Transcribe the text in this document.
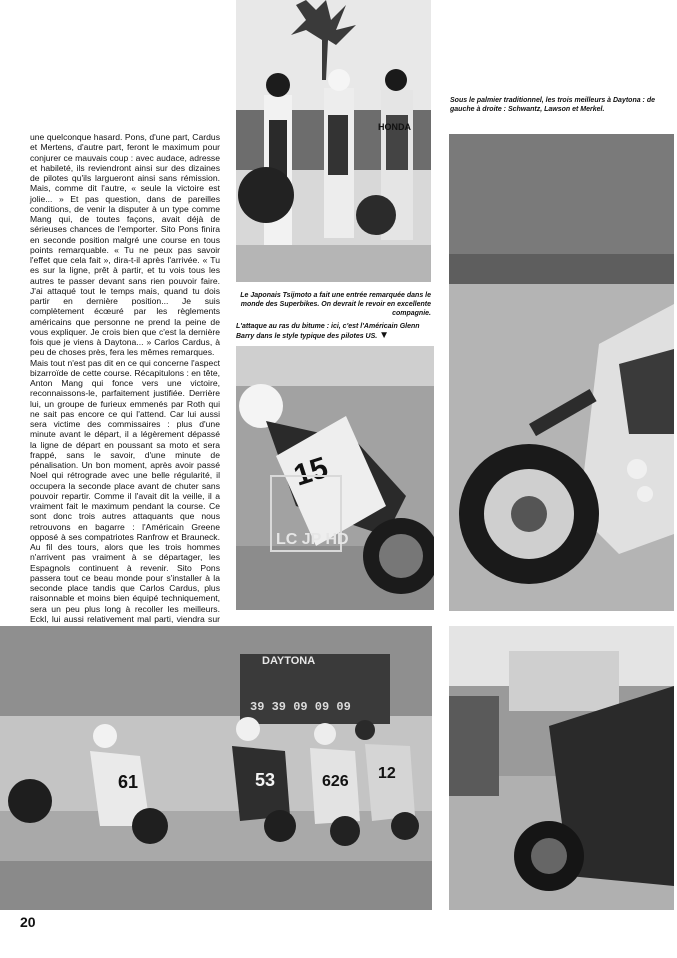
HONDA
Sous le palmier traditionnel, les trois meilleurs à Daytona : de gauche à droite : Schwantz, Lawson et Merkel.
Le Japonais Tsijmoto a fait une entrée remarquée dans le monde des Superbikes. On devrait le revoir en excellente compagnie.
L'attaque au ras du bitume : ici, c'est l'Américain Glenn Barry dans le style typique des pilotes US. ▼
15
LC JP HD

une quelconque hasard. Pons, d'une part, Cardus et Mertens, d'autre part, feront le maximum pour conjurer ce mauvais coup : avec audace, adresse et habileté, ils reviendront ainsi sur des dizaines de pilotes qu'ils largueront ainsi sans rémission. Mais, comme dit l'autre, « seule la victoire est jolie... » Et pas question, dans de pareilles conditions, de venir la disputer à un type comme Mang qui, de toutes façons, avait déjà de sérieuses chances de l'emporter. Sito Pons finira en seconde position malgré une course en tous points remarquable. « Tu ne peux pas savoir l'effet que cela fait », dira-t-il après l'arrivée. « Tu es sur la ligne, prêt à partir, et tu vois tous les autres te passer devant sans rien pouvoir faire. J'ai attaqué tout le temps mais, quand tu dois partir en dernière position... Je suis complètement écœuré par les règlements américains que personne ne prend la peine de vous expliquer. Je crois bien que c'est la dernière fois que je viens à Daytona... » Carlos Cardus, à peu de choses près, fera les mêmes remarques.

Mais tout n'est pas dit en ce qui concerne l'aspect bizarroïde de cette course. Récapitulons : en tête, Anton Mang qui fonce vers une victoire, reconnaissons-le, parfaitement justifiée. Derrière lui, un groupe de furieux emmenés par Roth qui ne sait pas encore ce qui l'attend. Car lui aussi sera victime des commissaires : plus d'une minute avant le départ, il a légèrement dépassé la ligne de départ en poussant sa moto et sera frappé, sans le savoir, d'une minute de pénalisation. Un bon moment, après avoir passé Noel qui rétrograde avec une belle régularité, il occupera la seconde place avant de chuter sans pouvoir repartir. Comme il l'avait dit la veille, il a vraiment fait le maximum pendant la course. Ce sont donc trois autres attaquants que nous retrouvons en bagarre : l'Américain Greene opposé à ses compatriotes Ranfrow et Brauneck. Au fil des tours, alors que les trois hommes n'arrivent pas vraiment à se départager, les Espagnols continuent à revenir. Sito Pons passera tout ce beau monde pour s'installer à la seconde place tandis que Carlos Cardus, plus raisonnable et moins bien équipé techniquement, sera un peu plus long à recoller les meilleurs. Eckl, lui aussi relativement mal parti, viendra sur

DAYTONA
39 39 09 09 09
61	53	626 12
20
